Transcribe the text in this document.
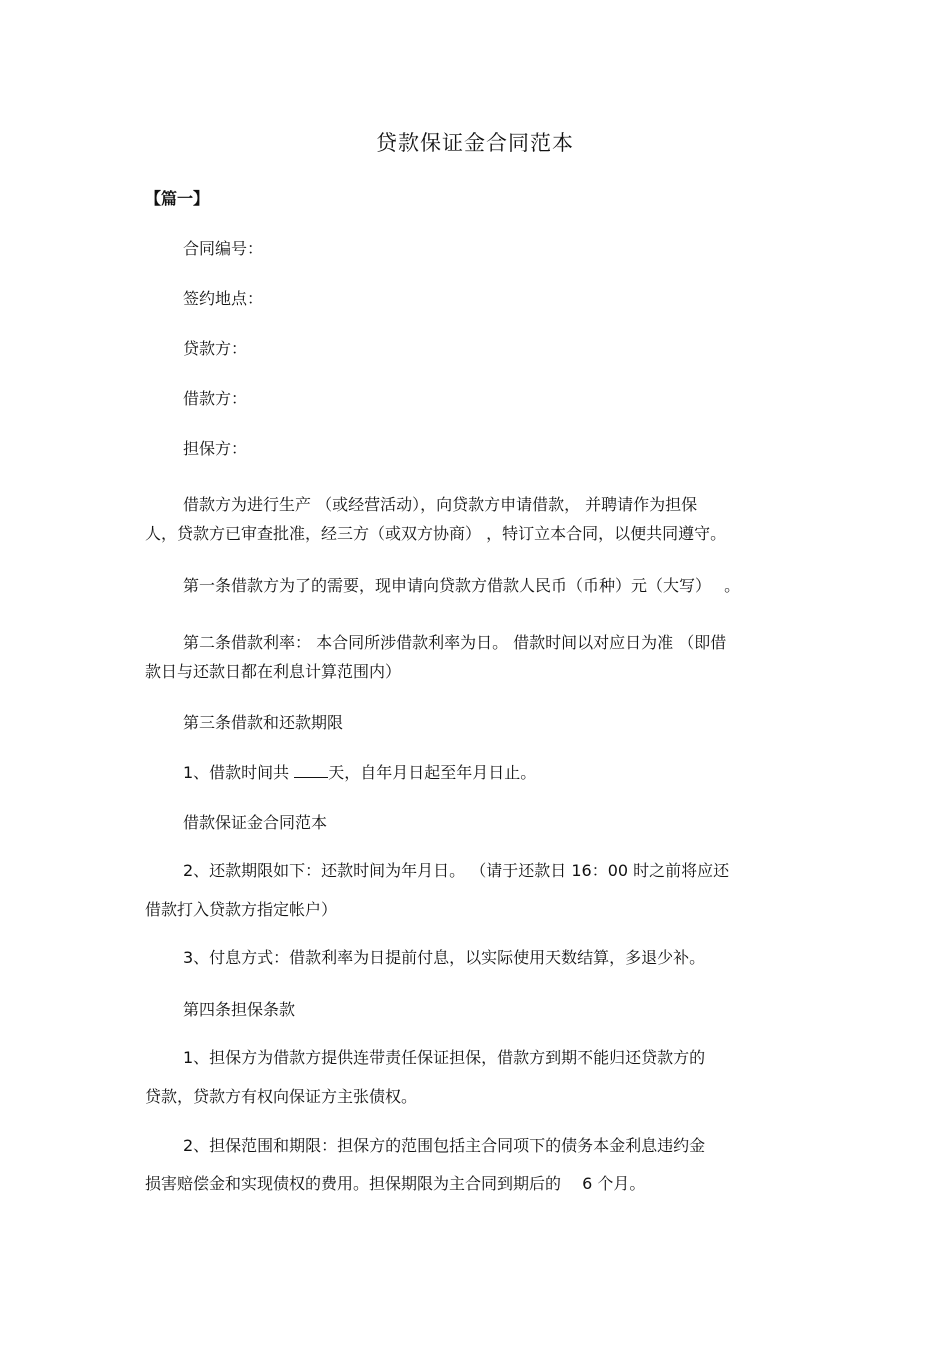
贷款保证金合同范本
【篇一】
合同编号：
签约地点：
贷款方：
借款方：
担保方：
借款方为进行生产 （或经营活动），向贷款方申请借款， 并聘请作为担保
人，贷款方已审查批准，经三方（或双方协商） ，特订立本合同，以便共同遵守。
第一条借款方为了的需要，现申请向贷款方借款人民币（币种）元（大写）　 。
第二条借款利率： 本合同所涉借款利率为日。 借款时间以对应日为准 （即借
款日与还款日都在利息计算范围内）
第三条借款和还款期限
1、借款时间共 天，自年月日起至年月日止。
借款保证金合同范本
2、还款期限如下：还款时间为年月日。 （请于还款日 16：00 时之前将应还
借款打入贷款方指定帐户）
3、付息方式：借款利率为日提前付息，以实际使用天数结算，多退少补。
第四条担保条款
1、担保方为借款方提供连带责任保证担保，借款方到期不能归还贷款方的
贷款，贷款方有权向保证方主张债权。
2、担保范围和期限：担保方的范围包括主合同项下的债务本金利息违约金
损害赔偿金和实现债权的费用。担保期限为主合同到期后的　 6 个月。
